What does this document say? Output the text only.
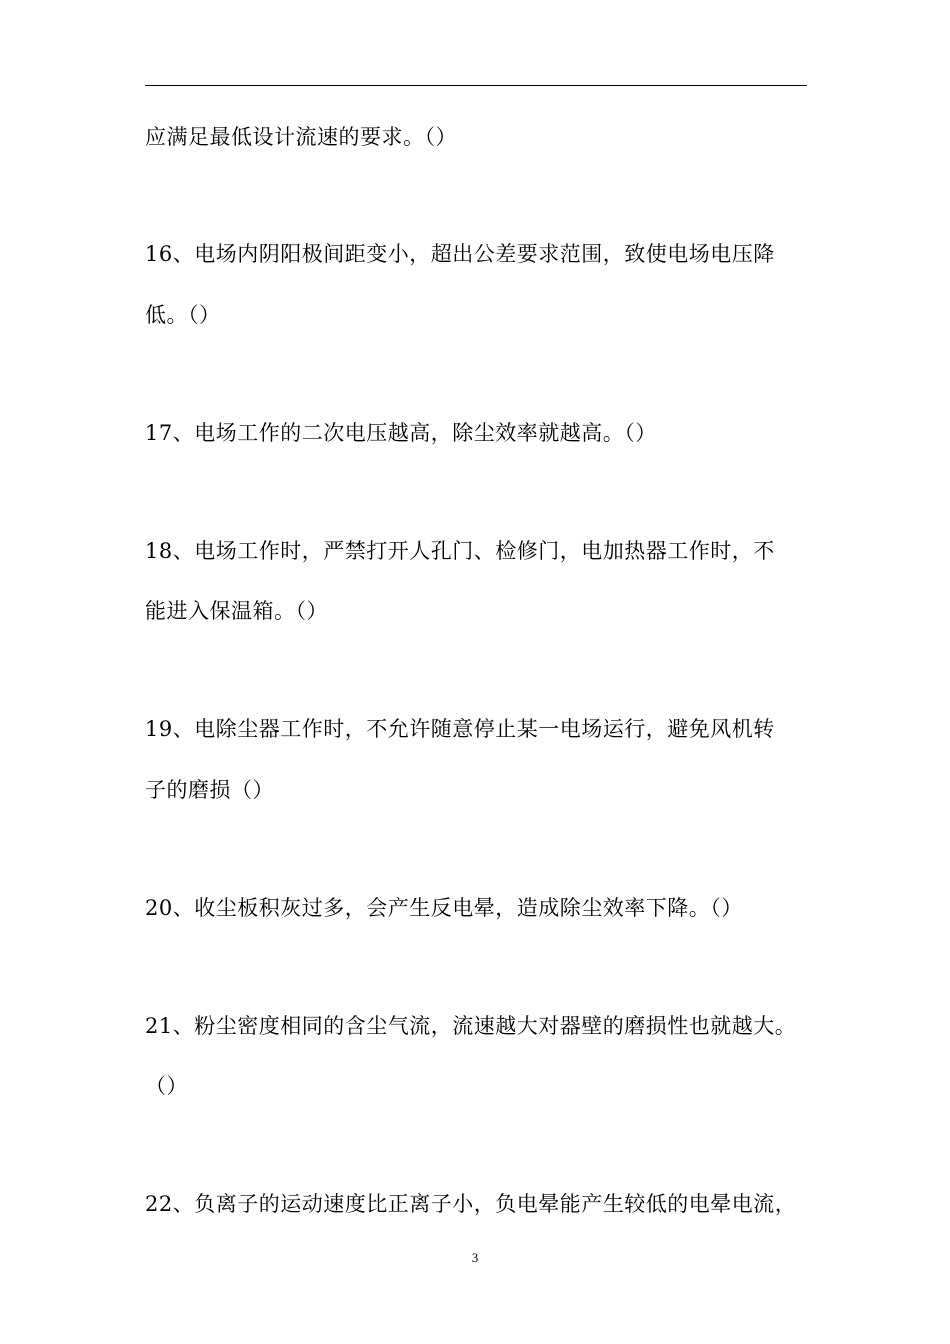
应满足最低设计流速的要求。（）
16、电场内阴阳极间距变小，超出公差要求范围，致使电场电压降
低。（）
17、电场工作的二次电压越高，除尘效率就越高。（）
18、电场工作时，严禁打开人孔门、检修门，电加热器工作时，不
能进入保温箱。（）
19、电除尘器工作时，不允许随意停止某一电场运行，避免风机转
子的磨损（）
20、收尘板积灰过多，会产生反电晕，造成除尘效率下降。（）
21、粉尘密度相同的含尘气流，流速越大对器壁的磨损性也就越大。
（）
22、负离子的运动速度比正离子小，负电晕能产生较低的电晕电流，
3
